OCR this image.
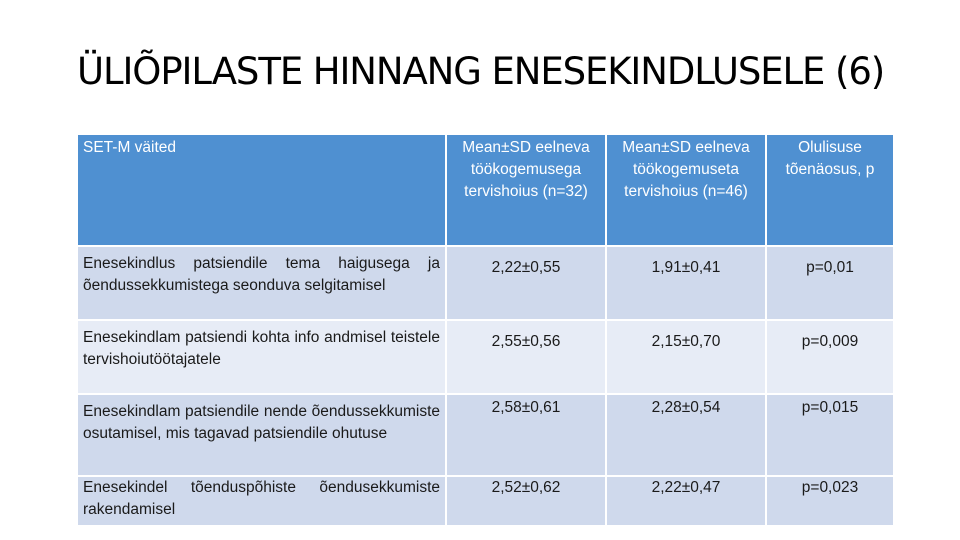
ÜLIÕPILASTE HINNANG ENESEKINDLUSELE (6)
SET-M väited	Mean±SD eelneva töökogemusega tervishoius (n=32)	Mean±SD eelneva töökogemuseta tervishoius (n=46)	Olulisuse tõenäosus, p
Enesekindlus patsiendile tema haigusega ja õendussekkumistega seonduva selgitamisel	2,22±0,55	1,91±0,41	p=0,01
Enesekindlam patsiendi kohta info andmisel teistele tervishoiutöötajatele	2,55±0,56	2,15±0,70	p=0,009
Enesekindlam patsiendile nende õendussekkumiste osutamisel, mis tagavad patsiendile ohutuse	2,58±0,61	2,28±0,54	p=0,015
Enesekindel tõenduspõhiste õendusekkumiste rakendamisel	2,52±0,62	2,22±0,47	p=0,023
